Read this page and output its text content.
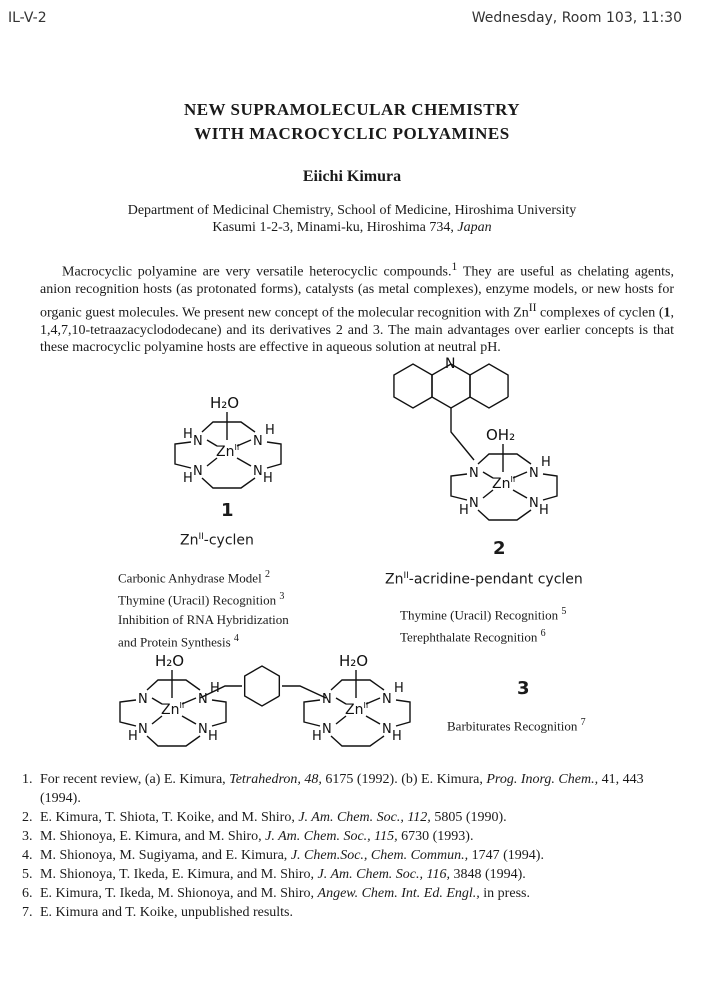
IL-V-2	Wednesday, Room 103, 11:30
NEW SUPRAMOLECULAR CHEMISTRY
WITH MACROCYCLIC POLYAMINES
Eiichi Kimura
Department of Medicinal Chemistry, School of Medicine, Hiroshima University
Kasumi 1-2-3, Minami-ku, Hiroshima 734, Japan
Macrocyclic polyamine are very versatile heterocyclic compounds.$^1$ They are useful as chelating agents, anion recognition hosts (as protonated forms), catalysts (as metal complexes), enzyme models, or new hosts for organic guest molecules. We present new concept of the molecular recognition with $Zn^{II}$ complexes of cyclen (1, 1,4,7,10-tetraazacyclododecane) and its derivatives 2 and 3. The main advantages over earlier concepts is that these macrocyclic polyamine hosts are effective in aqueous solution at neutral pH.
H₂O
$Zn^{II}$
N	N
N	N
H	H
H	H
OH₂
$Zn^{II}$
N	N
N	N
H
H	H
N
H₂O
$Zn^{II}$
N	N
N	N
H
H	H
H₂O
$Zn^{II}$
N	N
N	N
H
H	H
1
$Zn^{II}$-cyclen
Carbonic Anhydrase Model $^2$
Thymine (Uracil) Recognition $^3$
Inhibition of RNA Hybridization
and Protein Synthesis $^4$
2
$Zn^{II}-acridine$-pendant cyclen
Thymine (Uracil) Recognition $^5$
Terephthalate Recognition $^6$
3
Barbiturates Recognition $^7$
1. For recent review, (a) E. Kimura, Tetrahedron, 48, 6175 (1992). (b) E. Kimura, Prog. Inorg. Chem., 41, 443 (1994).
2. E. Kimura, T. Shiota, T. Koike, and M. Shiro, J. Am. Chem. Soc., 112, 5805 (1990).
3. M. Shionoya, E. Kimura, and M. Shiro, J. Am. Chem. Soc., 115, 6730 (1993).
4. M. Shionoya, M. Sugiyama, and E. Kimura, J. Chem.Soc., Chem. Commun., 1747 (1994).
5. M. Shionoya, T. Ikeda, E. Kimura, and M. Shiro, J. Am. Chem. Soc., 116, 3848 (1994).
6. E. Kimura, T. Ikeda, M. Shionoya, and M. Shiro, Angew. Chem. Int. Ed. Engl., in press.
7. E. Kimura and T. Koike, unpublished results.
